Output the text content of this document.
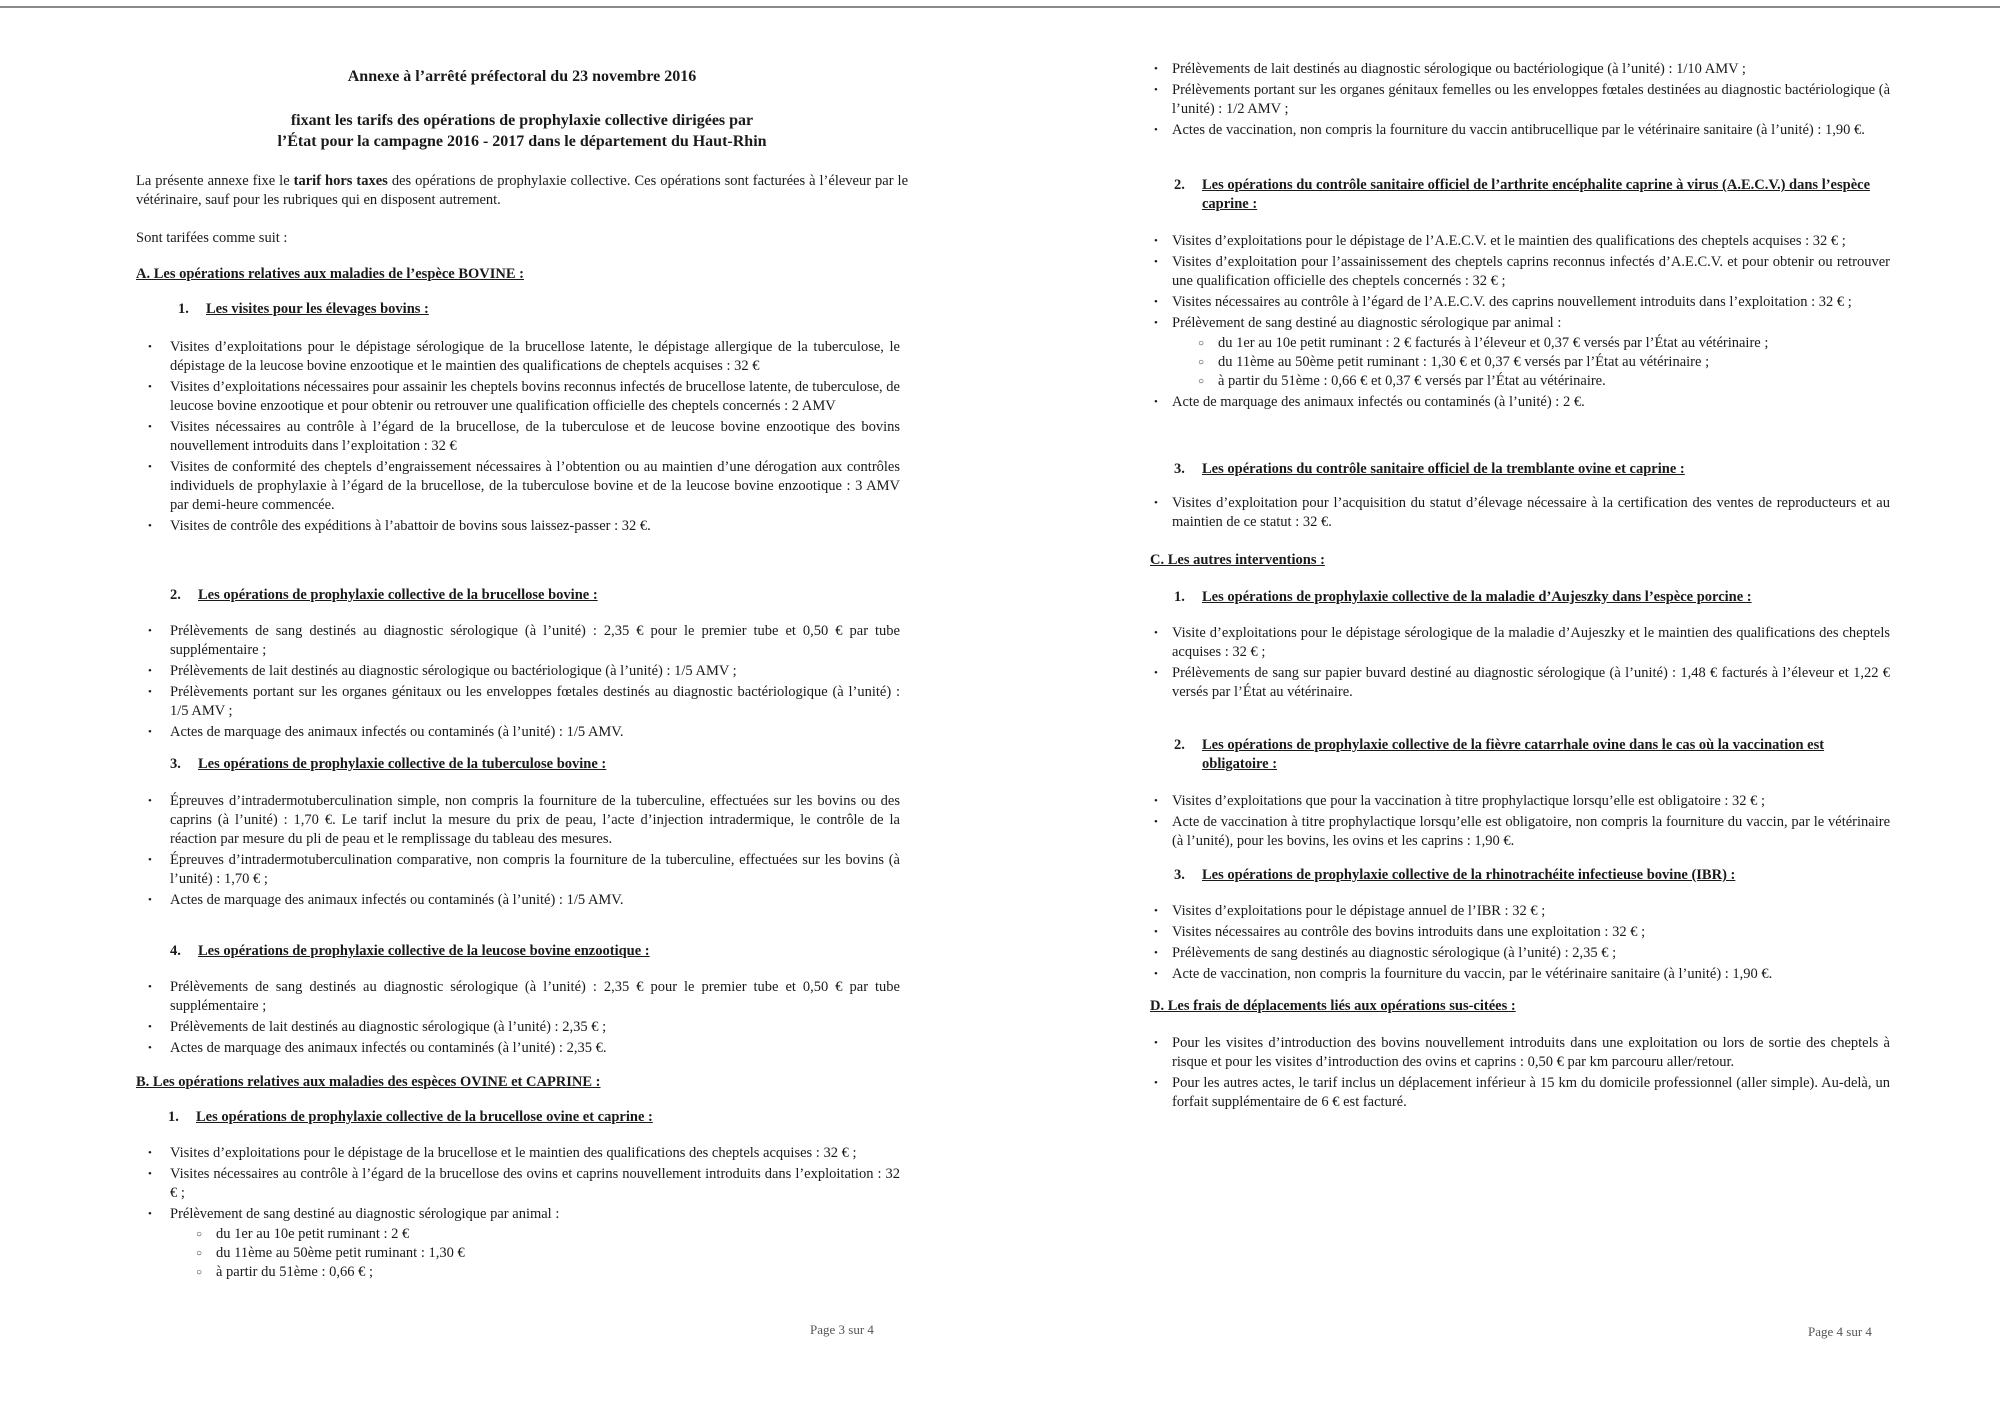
Annexe à l’arrêté préfectoral du 23 novembre 2016
fixant les tarifs des opérations de prophylaxie collective dirigées par
l’État pour la campagne 2016 - 2017 dans le département du Haut-Rhin

La présente annexe fixe le tarif hors taxes des opérations de prophylaxie collective. Ces opérations sont facturées à l’éleveur par le vétérinaire, sauf pour les rubriques qui en disposent autrement.

Sont tarifées comme suit :

A. Les opérations relatives aux maladies de l’espèce BOVINE :
1. Les visites pour les élevages bovins :
• Visites d’exploitations pour le dépistage sérologique de la brucellose latente, le dépistage allergique de la tuberculose, le dépistage de la leucose bovine enzootique et le maintien des qualifications de cheptels acquises : 32 €
• Visites d’exploitations nécessaires pour assainir les cheptels bovins reconnus infectés de brucellose latente, de tuberculose, de leucose bovine enzootique et pour obtenir ou retrouver une qualification officielle des cheptels concernés : 2 AMV
• Visites nécessaires au contrôle à l’égard de la brucellose, de la tuberculose et de leucose bovine enzootique des bovins nouvellement introduits dans l’exploitation : 32 €
• Visites de conformité des cheptels d’engraissement nécessaires à l’obtention ou au maintien d’une dérogation aux contrôles individuels de prophylaxie à l’égard de la brucellose, de la tuberculose bovine et de la leucose bovine enzootique : 3 AMV par demi-heure commencée.
• Visites de contrôle des expéditions à l’abattoir de bovins sous laissez-passer : 32 €.
2. Les opérations de prophylaxie collective de la brucellose bovine :
• Prélèvements de sang destinés au diagnostic sérologique (à l’unité) : 2,35 € pour le premier tube et 0,50 € par tube supplémentaire ;
• Prélèvements de lait destinés au diagnostic sérologique ou bactériologique (à l’unité) : 1/5 AMV ;
• Prélèvements portant sur les organes génitaux ou les enveloppes fœtales destinés au diagnostic bactériologique (à l’unité) : 1/5 AMV ;
• Actes de marquage des animaux infectés ou contaminés (à l’unité) : 1/5 AMV.
3. Les opérations de prophylaxie collective de la tuberculose bovine :
• Épreuves d’intradermotuberculination simple, non compris la fourniture de la tuberculine, effectuées sur les bovins ou des caprins (à l’unité) : 1,70 €. Le tarif inclut la mesure du prix de peau, l’acte d’injection intradermique, le contrôle de la réaction par mesure du pli de peau et le remplissage du tableau des mesures.
• Épreuves d’intradermotuberculination comparative, non compris la fourniture de la tuberculine, effectuées sur les bovins (à l’unité) : 1,70 € ;
• Actes de marquage des animaux infectés ou contaminés (à l’unité) : 1/5 AMV.
4. Les opérations de prophylaxie collective de la leucose bovine enzootique :
• Prélèvements de sang destinés au diagnostic sérologique (à l’unité) : 2,35 € pour le premier tube et 0,50 € par tube supplémentaire ;
• Prélèvements de lait destinés au diagnostic sérologique (à l’unité) : 2,35 € ;
• Actes de marquage des animaux infectés ou contaminés (à l’unité) : 2,35 €.
B. Les opérations relatives aux maladies des espèces OVINE et CAPRINE :
1. Les opérations de prophylaxie collective de la brucellose ovine et caprine :
• Visites d’exploitations pour le dépistage de la brucellose et le maintien des qualifications des cheptels acquises : 32 € ;
• Visites nécessaires au contrôle à l’égard de la brucellose des ovins et caprins nouvellement introduits dans l’exploitation : 32 € ;
• Prélèvement de sang destiné au diagnostic sérologique par animal :
○ du 1er au 10e petit ruminant : 2 €
○ du 11ème au 50ème petit ruminant : 1,30 €
○ à partir du 51ème : 0,66 € ;
Page 3 sur 4
• Prélèvements de lait destinés au diagnostic sérologique ou bactériologique (à l’unité) : 1/10 AMV ;
• Prélèvements portant sur les organes génitaux femelles ou les enveloppes fœtales destinées au diagnostic bactériologique (à l’unité) : 1/2 AMV ;
• Actes de vaccination, non compris la fourniture du vaccin antibrucellique par le vétérinaire sanitaire (à l’unité) : 1,90 €.
2.	Les opérations du contrôle sanitaire officiel de l’arthrite encéphalite caprine à virus (A.E.C.V.) dans l’espèce caprine :
• Visites d’exploitations pour le dépistage de l’A.E.C.V. et le maintien des qualifications des cheptels acquises : 32 € ;
• Visites d’exploitation pour l’assainissement des cheptels caprins reconnus infectés d’A.E.C.V. et pour obtenir ou retrouver une qualification officielle des cheptels concernés : 32 € ;
• Visites nécessaires au contrôle à l’égard de l’A.E.C.V. des caprins nouvellement introduits dans l’exploitation : 32 € ;
• Prélèvement de sang destiné au diagnostic sérologique par animal :
○ du 1er au 10e petit ruminant : 2 € facturés à l’éleveur et 0,37 € versés par l’État au vétérinaire ;
○ du 11ème au 50ème petit ruminant : 1,30 € et 0,37 € versés par l’État au vétérinaire ;
○ à partir du 51ème : 0,66 € et 0,37 € versés par l’État au vétérinaire.
• Acte de marquage des animaux infectés ou contaminés (à l’unité) : 2 €.
3. Les opérations du contrôle sanitaire officiel de la tremblante ovine et caprine :
• Visites d’exploitation pour l’acquisition du statut d’élevage nécessaire à la certification des ventes de reproducteurs et au maintien de ce statut : 32 €.
C. Les autres interventions :
1. Les opérations de prophylaxie collective de la maladie d’Aujeszky dans l’espèce porcine :
• Visite d’exploitations pour le dépistage sérologique de la maladie d’Aujeszky et le maintien des qualifications des cheptels acquises : 32 € ;
• Prélèvements de sang sur papier buvard destiné au diagnostic sérologique (à l’unité) : 1,48 € facturés à l’éleveur et 1,22 € versés par l’État au vétérinaire.
2.	Les opérations de prophylaxie collective de la fièvre catarrhale ovine dans le cas où la vaccination est obligatoire :
• Visites d’exploitations que pour la vaccination à titre prophylactique lorsqu’elle est obligatoire : 32 € ;
• Acte de vaccination à titre prophylactique lorsqu’elle est obligatoire, non compris la fourniture du vaccin, par le vétérinaire (à l’unité), pour les bovins, les ovins et les caprins : 1,90 €.
3. Les opérations de prophylaxie collective de la rhinotrachéite infectieuse bovine (IBR) :
• Visites d’exploitations pour le dépistage annuel de l’IBR : 32 € ;
• Visites nécessaires au contrôle des bovins introduits dans une exploitation : 32 € ;
• Prélèvements de sang destinés au diagnostic sérologique (à l’unité) : 2,35 € ;
• Acte de vaccination, non compris la fourniture du vaccin, par le vétérinaire sanitaire (à l’unité) : 1,90 €.
D. Les frais de déplacements liés aux opérations sus-citées :
• Pour les visites d’introduction des bovins nouvellement introduits dans une exploitation ou lors de sortie des cheptels à risque et pour les visites d’introduction des ovins et caprins : 0,50 € par km parcouru aller/retour.
• Pour les autres actes, le tarif inclus un déplacement inférieur à 15 km du domicile professionnel (aller simple). Au-delà, un forfait supplémentaire de 6 € est facturé.
Page 4 sur 4
